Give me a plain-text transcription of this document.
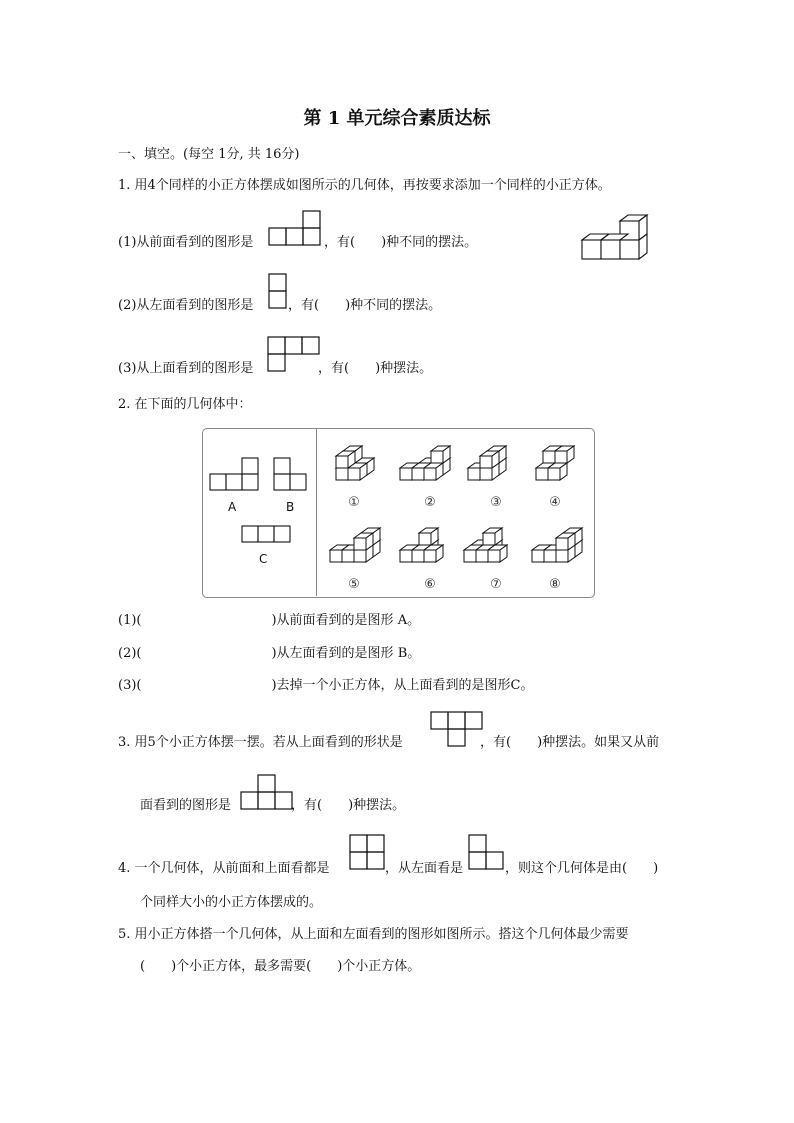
第 1 单元综合素质达标
一、填空。(每空 1分, 共 16分)
1. 用4个同样的小正方体摆成如图所示的几何体，再按要求添加一个同样的小正方体。
(1)从前面看到的图形是	，有(　　)种不同的摆法。
(2)从左面看到的图形是	，有(　　)种不同的摆法。
(3)从上面看到的图形是	，有(　　)种摆法。
2. 在下面的几何体中：
A	B
C
①	②	③	④
⑤	⑥	⑦	⑧
(1)(　　　　　　　　　　)从前面看到的是图形 A。
(2)(　　　　　　　　　　)从左面看到的是图形 B。
(3)(　　　　　　　　　　)去掉一个小正方体，从上面看到的是图形C。
3. 用5个小正方体摆一摆。若从上面看到的形状是	，有(　　)种摆法。如果又从前
面看到的图形是	，有(　　)种摆法。
4. 一个几何体，从前面和上面看都是	，从左面看是	，则这个几何体是由(　　)
个同样大小的小正方体摆成的。
5. 用小正方体搭一个几何体，从上面和左面看到的图形如图所示。搭这个几何体最少需要
(　　)个小正方体，最多需要(　　)个小正方体。
